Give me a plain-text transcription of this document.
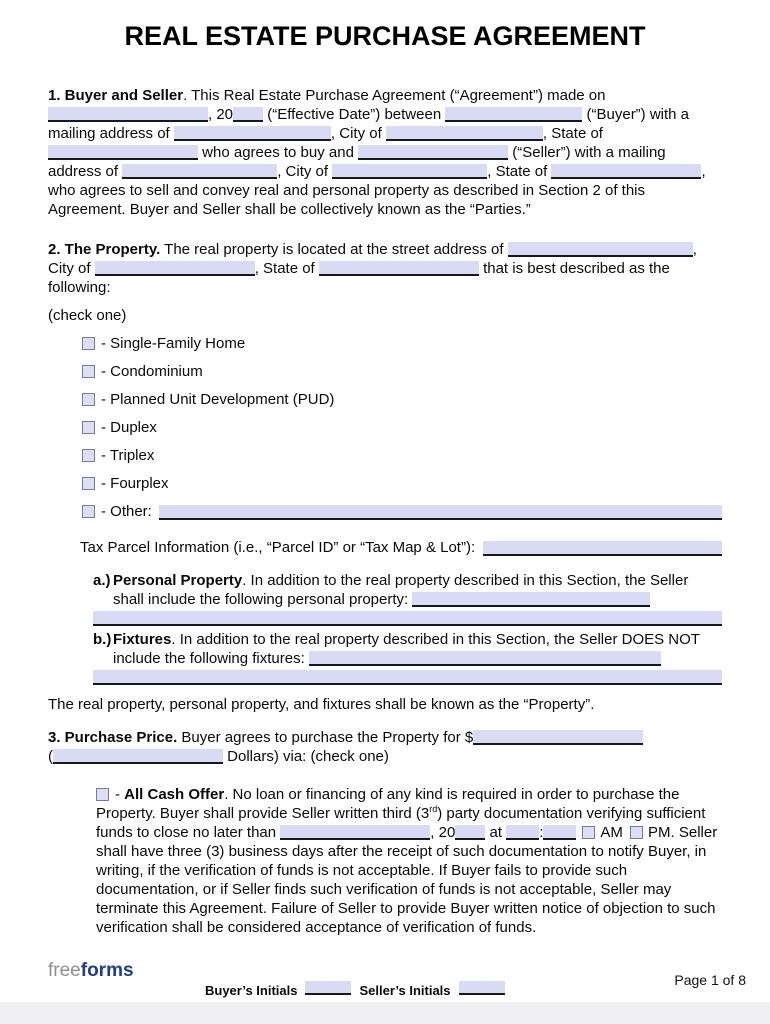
REAL ESTATE PURCHASE AGREEMENT

1. Buyer and Seller. This Real Estate Purchase Agreement (“Agreement”) made on , 20 (“Effective Date”) between	(“Buyer”) with a mailing address of	, City of	, State of  who agrees to buy and	(“Seller”) with a mailing address of	, City of	, State of	, who agrees to sell and convey real and personal property as described in Section 2 of this Agreement. Buyer and Seller shall be collectively known as the “Parties.”

2. The Property. The real property is located at the street address of	, City of	, State of	that is best described as the following:

(check one)

- Single-Family Home
- Condominium
- Planned Unit Development (PUD)
- Duplex
- Triplex
- Fourplex
- Other:
Tax Parcel Information (i.e., “Parcel ID” or “Tax Map & Lot”):
a.) Personal Property. In addition to the real property described in this Section, the Seller shall include the following personal property:
b.) Fixtures. In addition to the real property described in this Section, the Seller DOES NOT include the following fixtures:

The real property, personal property, and fixtures shall be known as the “Property”.

3. Purchase Price. Buyer agrees to purchase the Property for $
(	Dollars) via: (check one)

- All Cash Offer. No loan or financing of any kind is required in order to purchase the Property. Buyer shall provide Seller written third (3rd) party documentation verifying sufficient funds to close no later than	, 20 at :	AM PM. Seller shall have three (3) business days after the receipt of such documentation to notify Buyer, in writing, if the verification of funds is not acceptable. If Buyer fails to provide such documentation, or if Seller finds such verification of funds is not acceptable, Seller may terminate this Agreement. Failure of Seller to provide Buyer written notice of objection to such verification shall be considered acceptance of verification of funds.

freeforms
Buyer’s Initials	Seller’s Initials
Page 1 of 8
